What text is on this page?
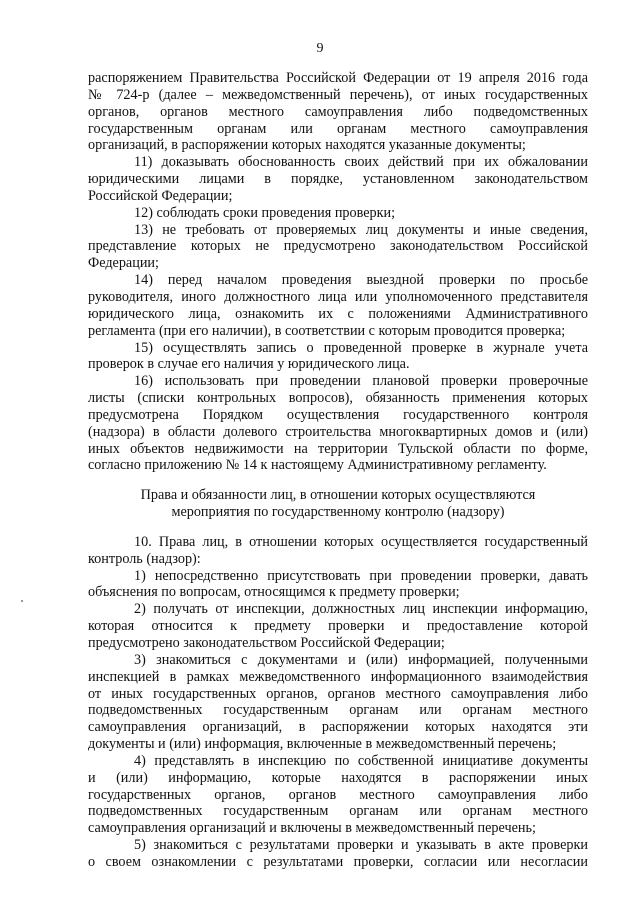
9
распоряжением Правительства Российской Федерации от 19 апреля 2016 года
№ 724-р (далее – межведомственный перечень), от иных государственных
органов, органов местного самоуправления либо подведомственных
государственным органам или органам местного самоуправления
организаций, в распоряжении которых находятся указанные документы;
11) доказывать обоснованность своих действий при их обжаловании
юридическими лицами в порядке, установленном законодательством
Российской Федерации;
12) соблюдать сроки проведения проверки;
13) не требовать от проверяемых лиц документы и иные сведения,
представление которых не предусмотрено законодательством Российской
Федерации;
14) перед началом проведения выездной проверки по просьбе
руководителя, иного должностного лица или уполномоченного представителя
юридического лица, ознакомить их с положениями Административного
регламента (при его наличии), в соответствии с которым проводится проверка;
15) осуществлять запись о проведенной проверке в журнале учета
проверок в случае его наличия у юридического лица.
16) использовать при проведении плановой проверки проверочные
листы (списки контрольных вопросов), обязанность применения которых
предусмотрена Порядком осуществления государственного контроля
(надзора) в области долевого строительства многоквартирных домов и (или)
иных объектов недвижимости на территории Тульской области по форме,
согласно приложению № 14 к настоящему Административному регламенту.
Права и обязанности лиц, в отношении которых осуществляются
мероприятия по государственному контролю (надзору)
10. Права лиц, в отношении которых осуществляется государственный
контроль (надзор):
1) непосредственно присутствовать при проведении проверки, давать
объяснения по вопросам, относящимся к предмету проверки;
2) получать от инспекции, должностных лиц инспекции информацию,
которая относится к предмету проверки и предоставление которой
предусмотрено законодательством Российской Федерации;
3) знакомиться с документами и (или) информацией, полученными
инспекцией в рамках межведомственного информационного взаимодействия
от иных государственных органов, органов местного самоуправления либо
подведомственных государственным органам или органам местного
самоуправления организаций, в распоряжении которых находятся эти
документы и (или) информация, включенные в межведомственный перечень;
4) представлять в инспекцию по собственной инициативе документы
и (или) информацию, которые находятся в распоряжении иных
государственных органов, органов местного самоуправления либо
подведомственных государственным органам или органам местного
самоуправления организаций и включены в межведомственный перечень;
5) знакомиться с результатами проверки и указывать в акте проверки
о своем ознакомлении с результатами проверки, согласии или несогласии
